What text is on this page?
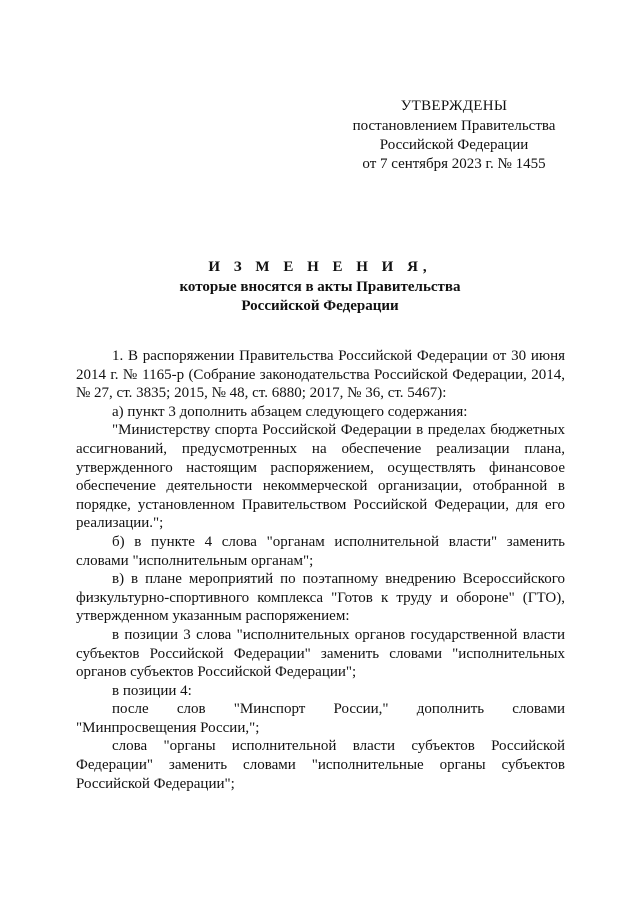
УТВЕРЖДЕНЫ
постановлением Правительства
Российской Федерации
от 7 сентября 2023 г. № 1455
И З М Е Н Е Н И Я,
которые вносятся в акты Правительства
Российской Федерации

1. В распоряжении Правительства Российской Федерации от 30 июня 2014 г. № 1165-р (Собрание законодательства Российской Федерации, 2014, № 27, ст. 3835; 2015, № 48, ст. 6880; 2017, № 36, ст. 5467):

а) пункт 3 дополнить абзацем следующего содержания:

"Министерству спорта Российской Федерации в пределах бюджетных ассигнований, предусмотренных на обеспечение реализации плана, утвержденного настоящим распоряжением, осуществлять финансовое обеспечение деятельности некоммерческой организации, отобранной в порядке, установленном Правительством Российской Федерации, для его реализации.";

б) в пункте 4 слова "органам исполнительной власти" заменить словами "исполнительным органам";

в) в плане мероприятий по поэтапному внедрению Всероссийского физкультурно-спортивного комплекса "Готов к труду и обороне" (ГТО), утвержденном указанным распоряжением:

в позиции 3 слова "исполнительных органов государственной власти субъектов Российской Федерации" заменить словами "исполнительных органов субъектов Российской Федерации";

в позиции 4:

после слов "Минспорт России," дополнить словами "Минпросвещения России,";

слова "органы исполнительной власти субъектов Российской Федерации" заменить словами "исполнительные органы субъектов Российской Федерации";
